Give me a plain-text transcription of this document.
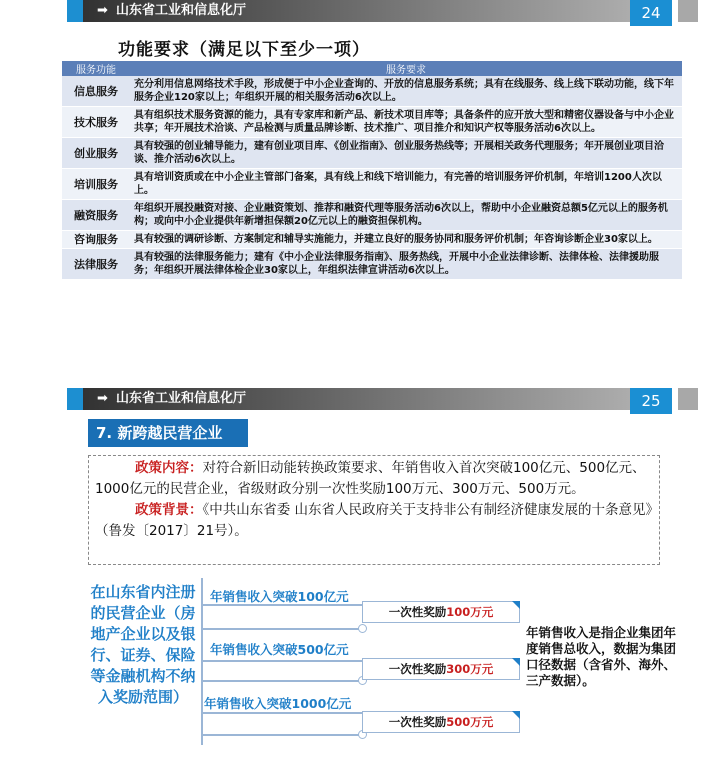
➡ 山东省工业和信息化厅	24
功能要求（满足以下至少一项）
服务功能	服务要求
信息服务	充分利用信息网络技术手段，形成便于中小企业查询的、开放的信息服务系统；具有在线服务、线上线下联动功能，线下年服务企业120家以上；年组织开展的相关服务活动6次以上。
技术服务	具有组织技术服务资源的能力，具有专家库和新产品、新技术项目库等；具备条件的应开放大型和精密仪器设备与中小企业共享；年开展技术洽谈、产品检测与质量品牌诊断、技术推广、项目推介和知识产权等服务活动6次以上。
创业服务	具有较强的创业辅导能力，建有创业项目库、《创业指南》、创业服务热线等；开展相关政务代理服务；年开展创业项目洽谈、推介活动6次以上。
培训服务	具有培训资质或在中小企业主管部门备案，具有线上和线下培训能力，有完善的培训服务评价机制，年培训1200人次以上。
融资服务	年组织开展投融资对接、企业融资策划、推荐和融资代理等服务活动6次以上，帮助中小企业融资总额5亿元以上的服务机构；或向中小企业提供年新增担保额20亿元以上的融资担保机构。
咨询服务	具有较强的调研诊断、方案制定和辅导实施能力，并建立良好的服务协同和服务评价机制；年咨询诊断企业30家以上。
法律服务	具有较强的法律服务能力；建有《中小企业法律服务指南》、服务热线，开展中小企业法律诊断、法律体检、法律援助服务；年组织开展法律体检企业30家以上，年组织法律宣讲活动6次以上。
➡ 山东省工业和信息化厅	25
7. 新跨越民营企业
政策内容：对符合新旧动能转换政策要求、年销售收入首次突破100亿元、500亿元、1000亿元的民营企业，省级财政分别一次性奖励100万元、300万元、500万元。
政策背景：《中共山东省委 山东省人民政府关于支持非公有制经济健康发展的十条意见》（鲁发〔2017〕21号）。
在山东省内注册的民营企业（房地产企业以及银行、证券、保险等金融机构不纳入奖励范围）
年销售收入突破100亿元
一次性奖励100万元
年销售收入突破500亿元
一次性奖励300万元
年销售收入突破1000亿元
一次性奖励500万元
年销售收入是指企业集团年度销售总收入，数据为集团口径数据（含省外、海外、三产数据）。
